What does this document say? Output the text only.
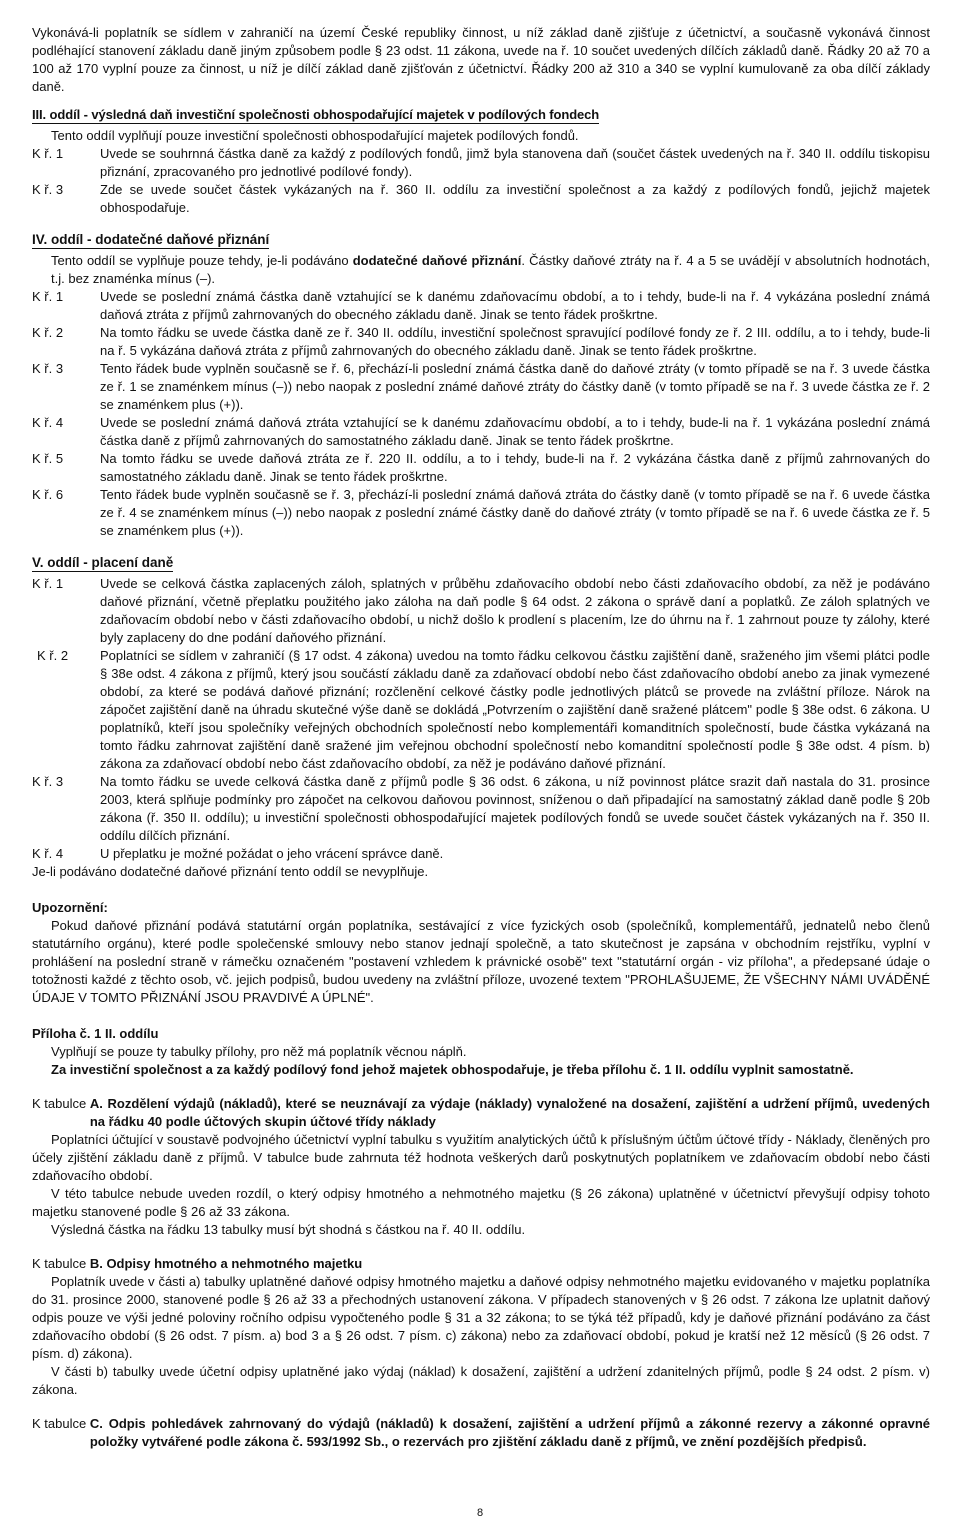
Vykonává-li poplatník se sídlem v zahraničí na území České republiky činnost, u níž základ daně zjišťuje z účetnictví, a současně vykonává činnost podléhající stanovení základu daně jiným způsobem podle § 23 odst. 11 zákona, uvede na ř. 10 součet uvedených dílčích základů daně. Řádky 20 až 70 a 100 až 170 vyplní pouze za činnost, u níž je dílčí základ daně zjišťován z účetnictví. Řádky 200 až 310 a 340 se vyplní kumulovaně za oba dílčí základy daně.

III. oddíl - výsledná daň investiční společnosti obhospodařující majetek v podílových fondech

Tento oddíl vyplňují pouze investiční společnosti obhospodařující majetek podílových fondů.

K ř. 1	Uvede se souhrnná částka daně za každý z podílových fondů, jimž byla stanovena daň (součet částek uvedených na ř. 340 II. oddílu tiskopisu přiznání, zpracovaného pro jednotlivé podílové fondy).
K ř. 3	Zde se uvede součet částek vykázaných na ř. 360 II. oddílu za investiční společnost a za každý z podílových fondů, jejichž majetek obhospodařuje.
IV. oddíl - dodatečné daňové přiznání

Tento oddíl se vyplňuje pouze tehdy, je-li podáváno dodatečné daňové přiznání. Částky daňové ztráty na ř. 4 a 5 se uvádějí v absolutních hodnotách, t.j. bez znaménka mínus (–).

K ř. 1	Uvede se poslední známá částka daně vztahující se k danému zdaňovacímu období, a to i tehdy, bude-li na ř. 4 vykázána poslední známá daňová ztráta z příjmů zahrnovaných do obecného základu daně. Jinak se tento řádek proškrtne.
K ř. 2	Na tomto řádku se uvede částka daně ze ř. 340 II. oddílu, investiční společnost spravující podílové fondy ze ř. 2 III. oddílu, a to i tehdy, bude-li na ř. 5 vykázána daňová ztráta z příjmů zahrnovaných do obecného základu daně. Jinak se tento řádek proškrtne.
K ř. 3	Tento řádek bude vyplněn současně se ř. 6, přechází-li poslední známá částka daně do daňové ztráty (v tomto případě se na ř. 3 uvede částka ze ř. 1 se znaménkem mínus (–)) nebo naopak z poslední známé daňové ztráty do částky daně (v tomto případě se na ř. 3 uvede částka ze ř. 2 se znaménkem plus (+)).
K ř. 4	Uvede se poslední známá daňová ztráta vztahující se k danému zdaňovacímu období, a to i tehdy, bude-li na ř. 1 vykázána poslední známá částka daně z příjmů zahrnovaných do samostatného základu daně. Jinak se tento řádek proškrtne.
K ř. 5	Na tomto řádku se uvede daňová ztráta ze ř. 220 II. oddílu, a to i tehdy, bude-li na ř. 2 vykázána částka daně z příjmů zahrnovaných do samostatného základu daně. Jinak se tento řádek proškrtne.
K ř. 6	Tento řádek bude vyplněn současně se ř. 3, přechází-li poslední známá daňová ztráta do částky daně (v tomto případě se na ř. 6 uvede částka ze ř. 4 se znaménkem mínus (–)) nebo naopak z poslední známé částky daně do daňové ztráty (v tomto případě se na ř. 6 uvede částka ze ř. 5 se znaménkem plus (+)).
V. oddíl - placení daně
K ř. 1	Uvede se celková částka zaplacených záloh, splatných v průběhu zdaňovacího období nebo části zdaňovacího období, za něž je podáváno daňové přiznání, včetně přeplatku použitého jako záloha na daň podle § 64 odst. 2 zákona o správě daní a poplatků. Ze záloh splatných ve zdaňovacím období nebo v části zdaňovacího období, u nichž došlo k prodlení s placením, lze do úhrnu na ř. 1 zahrnout pouze ty zálohy, které byly zaplaceny do dne podání daňového přiznání.
K ř. 2	Poplatníci se sídlem v zahraničí (§ 17 odst. 4 zákona) uvedou na tomto řádku celkovou částku zajištění daně, sraženého jim všemi plátci podle § 38e odst. 4 zákona z příjmů, který jsou součástí základu daně za zdaňovací období nebo část zdaňovacího období anebo za jinak vymezené období, za které se podává daňové přiznání; rozčlenění celkové částky podle jednotlivých plátců se provede na zvláštní příloze. Nárok na zápočet zajištění daně na úhradu skutečné výše daně se dokládá „Potvrzením o zajištění daně sražené plátcem" podle § 38e odst. 6 zákona. U poplatníků, kteří jsou společníky veřejných obchodních společností nebo komplementáři komanditních společností, bude částka vykázaná na tomto řádku zahrnovat zajištění daně sražené jim veřejnou obchodní společností nebo komanditní společností podle § 38e odst. 4 písm. b) zákona za zdaňovací období nebo část zdaňovacího období, za něž je podáváno daňové přiznání.
K ř. 3	Na tomto řádku se uvede celková částka daně z příjmů podle § 36 odst. 6 zákona, u níž povinnost plátce srazit daň nastala do 31. prosince 2003, která splňuje podmínky pro zápočet na celkovou daňovou povinnost, sníženou o daň připadající na samostatný základ daně podle § 20b zákona (ř. 350 II. oddílu); u investiční společnosti obhospodařující majetek podílových fondů se uvede součet částek vykázaných na ř. 350 II. oddílu dílčích přiznání.
K ř. 4	U přeplatku je možné požádat o jeho vrácení správce daně.

Je-li podáváno dodatečné daňové přiznání tento oddíl se nevyplňuje.

Upozornění:

Pokud daňové přiznání podává statutární orgán poplatníka, sestávající z více fyzických osob (společníků, komplementářů, jednatelů nebo členů statutárního orgánu), které podle společenské smlouvy nebo stanov jednají společně, a tato skutečnost je zapsána v obchodním rejstříku, vyplní v prohlášení na poslední straně v rámečku označeném "postavení vzhledem k právnické osobě" text "statutární orgán - viz příloha", a předepsané údaje o totožnosti každé z těchto osob, vč. jejich podpisů, budou uvedeny na zvláštní příloze, uvozené textem "PROHLAŠUJEME, ŽE VŠECHNY NÁMI UVÁDĚNÉ ÚDAJE V TOMTO PŘIZNÁNÍ JSOU PRAVDIVÉ A ÚPLNÉ".

Příloha č. 1 II. oddílu

Vyplňují se pouze ty tabulky přílohy, pro něž má poplatník věcnou náplň.

Za investiční společnost a za každý podílový fond jehož majetek obhospodařuje, je třeba přílohu č. 1 II. oddílu vyplnit samostatně.

K tabulce A. Rozdělení výdajů (nákladů), které se neuznávají za výdaje (náklady) vynaložené na dosažení, zajištění a udržení příjmů, uvedených na řádku 40 podle účtových skupin účtové třídy náklady

Poplatníci účtující v soustavě podvojného účetnictví vyplní tabulku s využitím analytických účtů k příslušným účtům účtové třídy - Náklady, členěných pro účely zjištění základu daně z příjmů. V tabulce bude zahrnuta též hodnota veškerých darů poskytnutých poplatníkem ve zdaňovacím období nebo části zdaňovacího období.

V této tabulce nebude uveden rozdíl, o který odpisy hmotného a nehmotného majetku (§ 26 zákona) uplatněné v účetnictví převyšují odpisy tohoto majetku stanovené podle § 26 až 33 zákona.

Výsledná částka na řádku 13 tabulky musí být shodná s částkou na ř. 40 II. oddílu.

K tabulce B. Odpisy hmotného a nehmotného majetku

Poplatník uvede v části a) tabulky uplatněné daňové odpisy hmotného majetku a daňové odpisy nehmotného majetku evidovaného v majetku poplatníka do 31. prosince 2000, stanovené podle § 26 až 33 a přechodných ustanovení zákona. V případech stanovených v § 26 odst. 7 zákona lze uplatnit daňový odpis pouze ve výši jedné poloviny ročního odpisu vypočteného podle § 31 a 32 zákona; to se týká též případů, kdy je daňové přiznání podáváno za část zdaňovacího období (§ 26 odst. 7 písm. a) bod 3 a § 26 odst. 7 písm. c) zákona) nebo za zdaňovací období, pokud je kratší než 12 měsíců (§ 26 odst. 7 písm. d) zákona).

V části b) tabulky uvede účetní odpisy uplatněné jako výdaj (náklad) k dosažení, zajištění a udržení zdanitelných příjmů, podle § 24 odst. 2 písm. v) zákona.

K tabulce C. Odpis pohledávek zahrnovaný do výdajů (nákladů) k dosažení, zajištění a udržení příjmů a zákonné rezervy a zákonné opravné položky vytvářené podle zákona č. 593/1992 Sb., o rezervách pro zjištění základu daně z příjmů, ve znění pozdějších předpisů.
8
